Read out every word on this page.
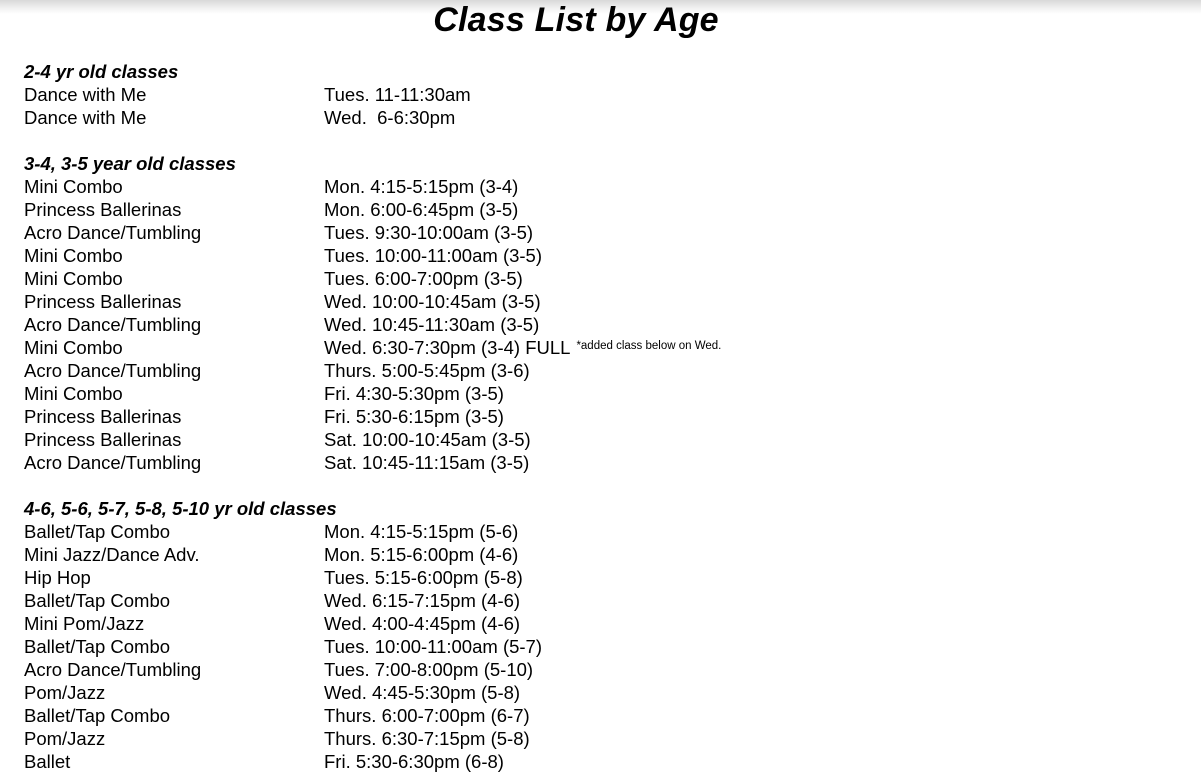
Class List by Age
2-4 yr old classes
Dance with Me	Tues. 11-11:30am
Dance with Me	Wed.  6-6:30pm
3-4, 3-5 year old classes
Mini Combo	Mon. 4:15-5:15pm (3-4)
Princess Ballerinas	Mon. 6:00-6:45pm (3-5)
Acro Dance/Tumbling	Tues. 9:30-10:00am (3-5)
Mini Combo	Tues. 10:00-11:00am (3-5)
Mini Combo	Tues. 6:00-7:00pm (3-5)
Princess Ballerinas	Wed. 10:00-10:45am (3-5)
Acro Dance/Tumbling	Wed. 10:45-11:30am (3-5)
Mini Combo	Wed. 6:30-7:30pm (3-4) FULL *added class below on Wed.
Acro Dance/Tumbling	Thurs. 5:00-5:45pm (3-6)
Mini Combo	Fri. 4:30-5:30pm (3-5)
Princess Ballerinas	Fri. 5:30-6:15pm (3-5)
Princess Ballerinas	Sat. 10:00-10:45am (3-5)
Acro Dance/Tumbling	Sat. 10:45-11:15am (3-5)
4-6, 5-6, 5-7, 5-8, 5-10 yr old classes
Ballet/Tap Combo	Mon. 4:15-5:15pm (5-6)
Mini Jazz/Dance Adv.	Mon. 5:15-6:00pm (4-6)
Hip Hop	Tues. 5:15-6:00pm (5-8)
Ballet/Tap Combo	Wed. 6:15-7:15pm (4-6)
Mini Pom/Jazz	Wed. 4:00-4:45pm (4-6)
Ballet/Tap Combo	Tues. 10:00-11:00am (5-7)
Acro Dance/Tumbling	Tues. 7:00-8:00pm (5-10)
Pom/Jazz	Wed. 4:45-5:30pm (5-8)
Ballet/Tap Combo	Thurs. 6:00-7:00pm (6-7)
Pom/Jazz	Thurs. 6:30-7:15pm (5-8)
Ballet	Fri. 5:30-6:30pm (6-8)
